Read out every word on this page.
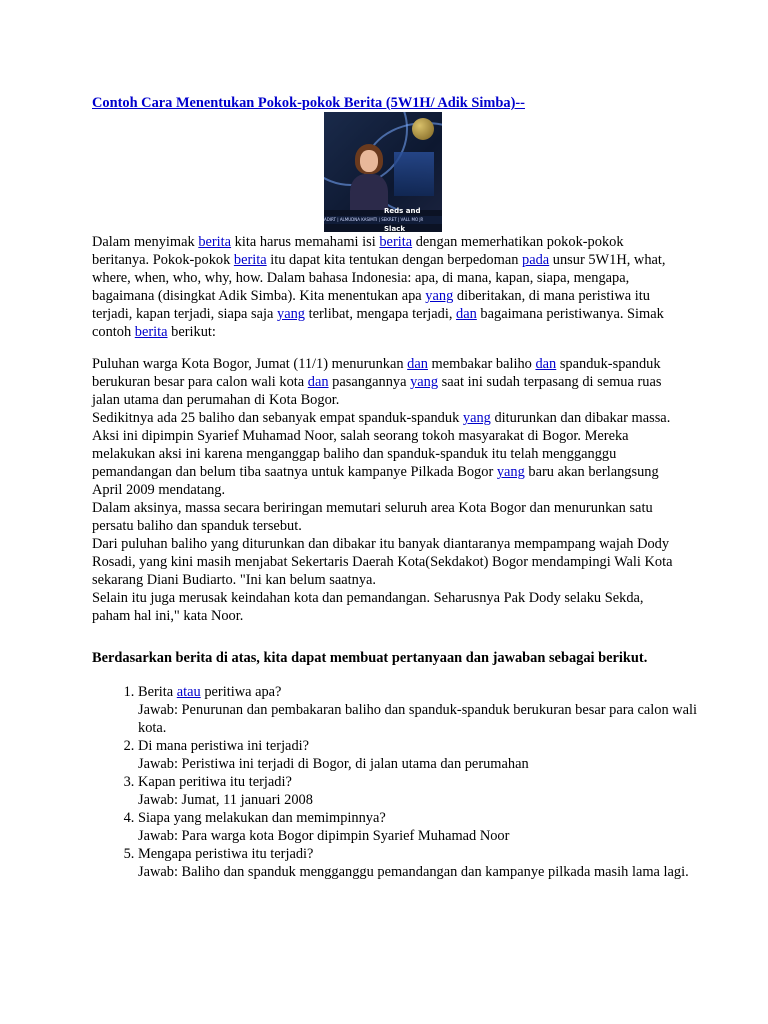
Contoh Cara Menentukan Pokok-pokok Berita (5W1H/ Adik Simba)--
Reds and Slack
ADIRT | ALMUDNA KASIMTI | SEKRET | VALL MO JR

Dalam menyimak berita kita harus memahami isi berita dengan memerhatikan pokok-pokok beritanya. Pokok-pokok berita itu dapat kita tentukan dengan berpedoman pada unsur 5W1H, what, where, when, who, why, how. Dalam bahasa Indonesia: apa, di mana, kapan, siapa, mengapa, bagaimana (disingkat Adik Simba). Kita menentukan apa yang diberitakan, di mana peristiwa itu terjadi, kapan terjadi, siapa saja yang terlibat, mengapa terjadi, dan bagaimana peristiwanya. Simak contoh berita berikut:

Puluhan warga Kota Bogor, Jumat (11/1) menurunkan dan membakar baliho dan spanduk-spanduk berukuran besar para calon wali kota dan pasangannya yang saat ini sudah terpasang di semua ruas jalan utama dan perumahan di Kota Bogor.

Sedikitnya ada 25 baliho dan sebanyak empat spanduk-spanduk yang diturunkan dan dibakar massa. Aksi ini dipimpin Syarief Muhamad Noor, salah seorang tokoh masyarakat di Bogor. Mereka melakukan aksi ini karena menganggap baliho dan spanduk-spanduk itu telah mengganggu pemandangan dan belum tiba saatnya untuk kampanye Pilkada Bogor yang baru akan berlangsung April 2009 mendatang.

Dalam aksinya, massa secara beriringan memutari seluruh area Kota Bogor dan menurunkan satu persatu baliho dan spanduk tersebut.

Dari puluhan baliho yang diturunkan dan dibakar itu banyak diantaranya mempampang wajah Dody Rosadi, yang kini masih menjabat Sekertaris Daerah Kota(Sekdakot) Bogor mendampingi Wali Kota sekarang Diani Budiarto. "Ini kan belum saatnya.

Selain itu juga merusak keindahan kota dan pemandangan. Seharusnya Pak Dody selaku Sekda, paham hal ini," kata Noor.

Berdasarkan berita di atas, kita dapat membuat pertanyaan dan jawaban sebagai berikut.
1. Berita atau peritiwa apa?
Jawab: Penurunan dan pembakaran baliho dan spanduk-spanduk berukuran besar para calon wali kota.
2. Di mana peristiwa ini terjadi?
Jawab: Peristiwa ini terjadi di Bogor, di jalan utama dan perumahan
3. Kapan peritiwa itu terjadi?
Jawab: Jumat, 11 januari 2008
4. Siapa yang melakukan dan memimpinnya?
Jawab: Para warga kota Bogor dipimpin Syarief Muhamad Noor
5. Mengapa peristiwa itu terjadi?
Jawab: Baliho dan spanduk mengganggu pemandangan dan kampanye pilkada masih lama lagi.
